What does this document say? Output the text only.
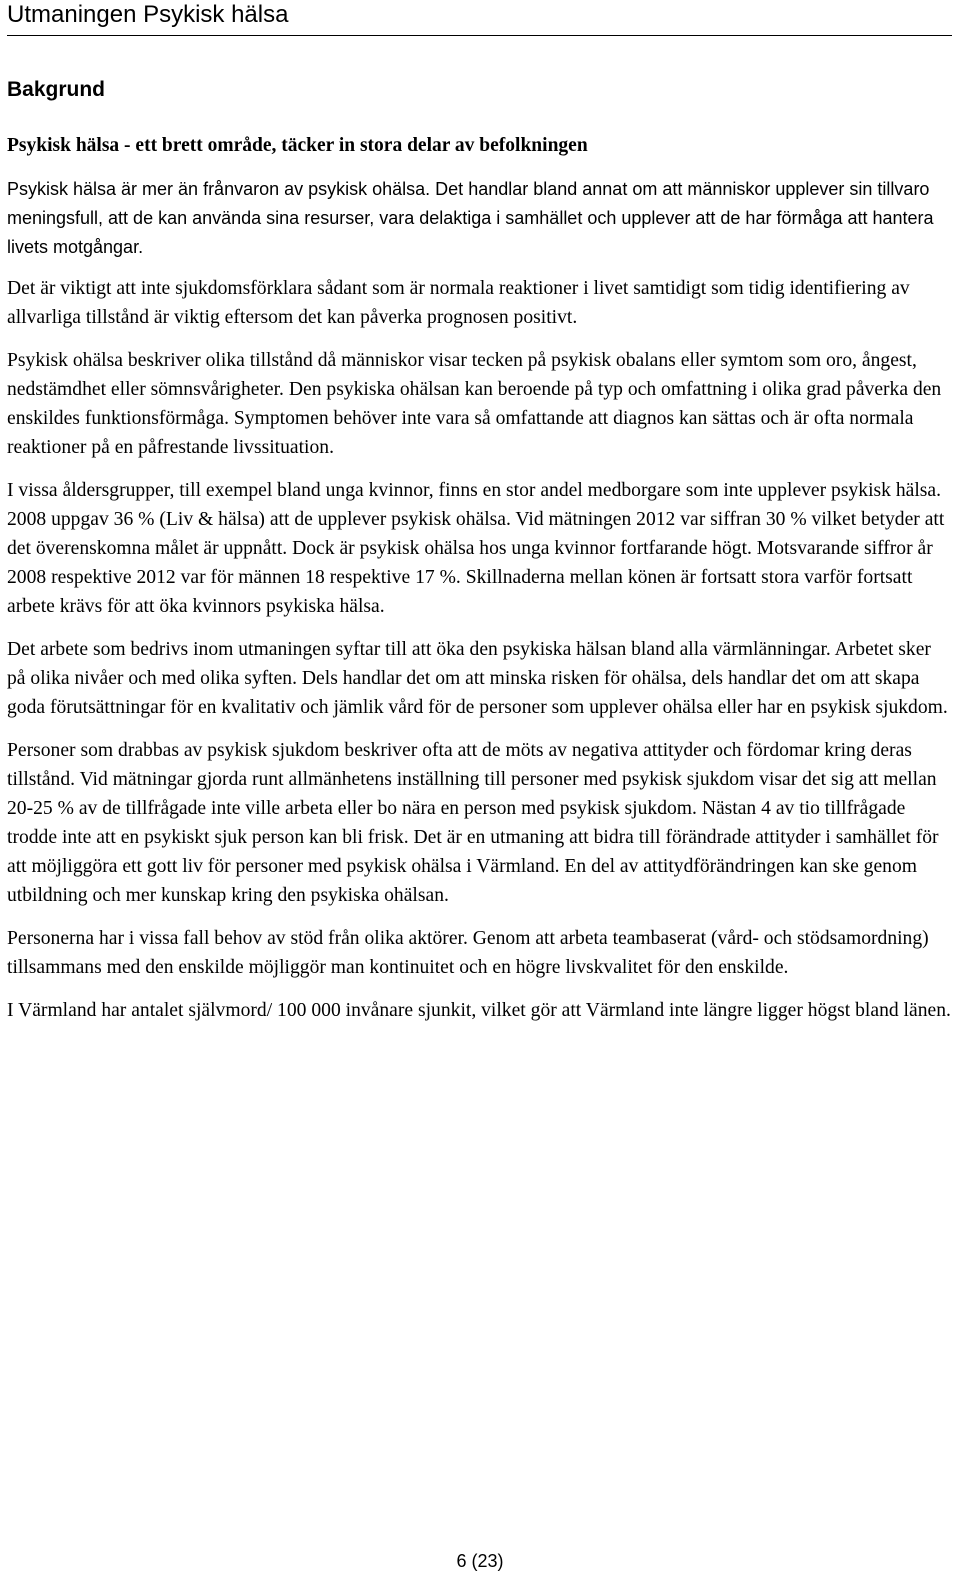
Utmaningen Psykisk hälsa
Bakgrund
Psykisk hälsa - ett brett område, täcker in stora delar av befolkningen

Psykisk hälsa är mer än frånvaron av psykisk ohälsa. Det handlar bland annat om att människor upplever sin tillvaro meningsfull, att de kan använda sina resurser, vara delaktiga i samhället och upplever att de har förmåga att hantera livets motgångar.

Det är viktigt att inte sjukdomsförklara sådant som är normala reaktioner i livet samtidigt som tidig identifiering av allvarliga tillstånd är viktig eftersom det kan påverka prognosen positivt.

Psykisk ohälsa beskriver olika tillstånd då människor visar tecken på psykisk obalans eller symtom som oro, ångest, nedstämdhet eller sömnsvårigheter. Den psykiska ohälsan kan beroende på typ och omfattning i olika grad påverka den enskildes funktionsförmåga. Symptomen behöver inte vara så omfattande att diagnos kan sättas och är ofta normala reaktioner på en påfrestande livssituation.

I vissa åldersgrupper, till exempel bland unga kvinnor, finns en stor andel medborgare som inte upplever psykisk hälsa. 2008 uppgav 36 % (Liv & hälsa) att de upplever psykisk ohälsa. Vid mätningen 2012 var siffran 30 % vilket betyder att det överenskomna målet är uppnått. Dock är psykisk ohälsa hos unga kvinnor fortfarande högt. Motsvarande siffror år 2008 respektive 2012 var för männen 18 respektive 17 %. Skillnaderna mellan könen är fortsatt stora varför fortsatt arbete krävs för att öka kvinnors psykiska hälsa.

Det arbete som bedrivs inom utmaningen syftar till att öka den psykiska hälsan bland alla värmlänningar. Arbetet sker på olika nivåer och med olika syften. Dels handlar det om att minska risken för ohälsa, dels handlar det om att skapa goda förutsättningar för en kvalitativ och jämlik vård för de personer som upplever ohälsa eller har en psykisk sjukdom.

Personer som drabbas av psykisk sjukdom beskriver ofta att de möts av negativa attityder och fördomar kring deras tillstånd. Vid mätningar gjorda runt allmänhetens inställning till personer med psykisk sjukdom visar det sig att mellan 20-25 % av de tillfrågade inte ville arbeta eller bo nära en person med psykisk sjukdom. Nästan 4 av tio tillfrågade trodde inte att en psykiskt sjuk person kan bli frisk. Det är en utmaning att bidra till förändrade attityder i samhället för att möjliggöra ett gott liv för personer med psykisk ohälsa i Värmland. En del av attitydförändringen kan ske genom utbildning och mer kunskap kring den psykiska ohälsan.

Personerna har i vissa fall behov av stöd från olika aktörer. Genom att arbeta teambaserat (vård- och stödsamordning) tillsammans med den enskilde möjliggör man kontinuitet och en högre livskvalitet för den enskilde.

I Värmland har antalet självmord/ 100 000 invånare sjunkit, vilket gör att Värmland inte längre ligger högst bland länen.

6 (23)
